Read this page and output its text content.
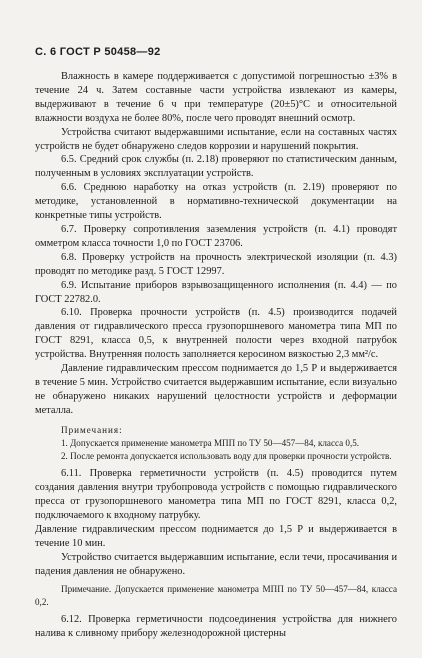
С. 6 ГОСТ Р 50458—92

Влажность в камере поддерживается с допустимой погрешностью ±3% в течение 24 ч. Затем составные части устройства извлекают из камеры, выдерживают в течение 6 ч при температуре (20±5)°С и относительной влажности воздуха не более 80%, после чего проводят внешний осмотр.

Устройства считают выдержавшими испытание, если на составных частях устройств не будет обнаружено следов коррозии и нарушений покрытия.

6.5. Средний срок службы (п. 2.18) проверяют по статистическим данным, полученным в условиях эксплуатации устройств.

6.6. Среднюю наработку на отказ устройств (п. 2.19) проверяют по методике, установленной в нормативно-технической документации на конкретные типы устройств.

6.7. Проверку сопротивления заземления устройств (п. 4.1) проводят омметром класса точности 1,0 по ГОСТ 23706.

6.8. Проверку устройств на прочность электрической изоляции (п. 4.3) проводят по методике разд. 5 ГОСТ 12997.

6.9. Испытание приборов взрывозащищенного исполнения (п. 4.4) — по ГОСТ 22782.0.

6.10. Проверка прочности устройств (п. 4.5) производится подачей давления от гидравлического пресса грузопоршневого манометра типа МП по ГОСТ 8291, класса 0,5, к внутренней полости через входной патрубок устройства. Внутренняя полость заполняется керосином вязкостью 2,3 мм²/с.

Давление гидравлическим прессом поднимается до 1,5 Р и выдерживается в течение 5 мин. Устройство считается выдержавшим испытание, если визуально не обнаружено никаких нарушений целостности устройств и деформации металла.

Примечания:

1. Допускается применение манометра МПП по ТУ 50—457—84, класса 0,5.

2. После ремонта допускается использовать воду для проверки прочности устройств.

6.11. Проверка герметичности устройств (п. 4.5) проводится путем создания давления внутри трубопровода устройств с помощью гидравлического пресса от грузопоршневого манометра типа МП по ГОСТ 8291, класса 0,2, подключаемого к входному патрубку.

Давление гидравлическим прессом поднимается до 1,5 Р и выдерживается в течение 10 мин.

Устройство считается выдержавшим испытание, если течи, просачивания и падения давления не обнаружено.

Примечание. Допускается применение манометра МПП по ТУ 50—457—84, класса 0,2.

6.12. Проверка герметичности подсоединения устройства для нижнего налива к сливному прибору железнодорожной цистерны
